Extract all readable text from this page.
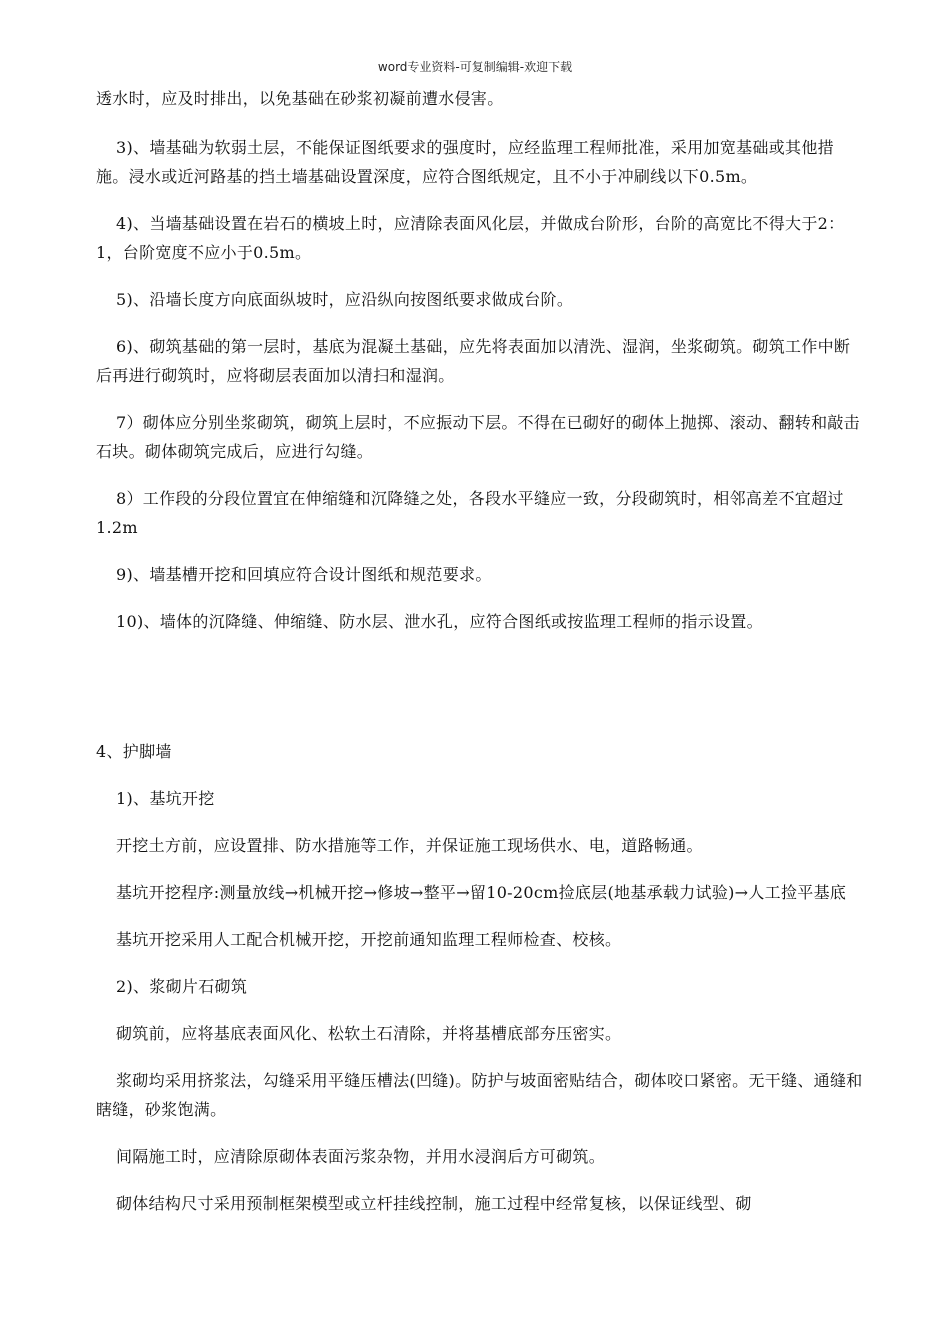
word专业资料-可复制编辑-欢迎下载

透水时，应及时排出，以免基础在砂浆初凝前遭水侵害。

3)、墙基础为软弱土层，不能保证图纸要求的强度时，应经监理工程师批准，采用加宽基础或其他措施。浸水或近河路基的挡土墙基础设置深度，应符合图纸规定，且不小于冲刷线以下0.5m。

4)、当墙基础设置在岩石的横坡上时，应清除表面风化层，并做成台阶形，台阶的高宽比不得大于2：1，台阶宽度不应小于0.5m。

5)、沿墙长度方向底面纵坡时，应沿纵向按图纸要求做成台阶。

6)、砌筑基础的第一层时，基底为混凝土基础，应先将表面加以清洗、湿润，坐浆砌筑。砌筑工作中断后再进行砌筑时，应将砌层表面加以清扫和湿润。

7）砌体应分别坐浆砌筑，砌筑上层时，不应振动下层。不得在已砌好的砌体上抛掷、滚动、翻转和敲击石块。砌体砌筑完成后，应进行勾缝。

8）工作段的分段位置宜在伸缩缝和沉降缝之处，各段水平缝应一致，分段砌筑时，相邻高差不宜超过1.2m

9)、墙基槽开挖和回填应符合设计图纸和规范要求。

10)、墙体的沉降缝、伸缩缝、防水层、泄水孔，应符合图纸或按监理工程师的指示设置。

4、护脚墙

1)、基坑开挖

开挖土方前，应设置排、防水措施等工作，并保证施工现场供水、电，道路畅通。

基坑开挖程序:测量放线→机械开挖→修坡→整平→留10-20cm捡底层(地基承载力试验)→人工捡平基底

基坑开挖采用人工配合机械开挖，开挖前通知监理工程师检查、校核。

2)、浆砌片石砌筑

砌筑前，应将基底表面风化、松软土石清除，并将基槽底部夯压密实。

浆砌均采用挤浆法，勾缝采用平缝压槽法(凹缝)。防护与坡面密贴结合，砌体咬口紧密。无干缝、通缝和瞎缝，砂浆饱满。

间隔施工时，应清除原砌体表面污浆杂物，并用水浸润后方可砌筑。

砌体结构尺寸采用预制框架模型或立杆挂线控制，施工过程中经常复核，以保证线型、砌
